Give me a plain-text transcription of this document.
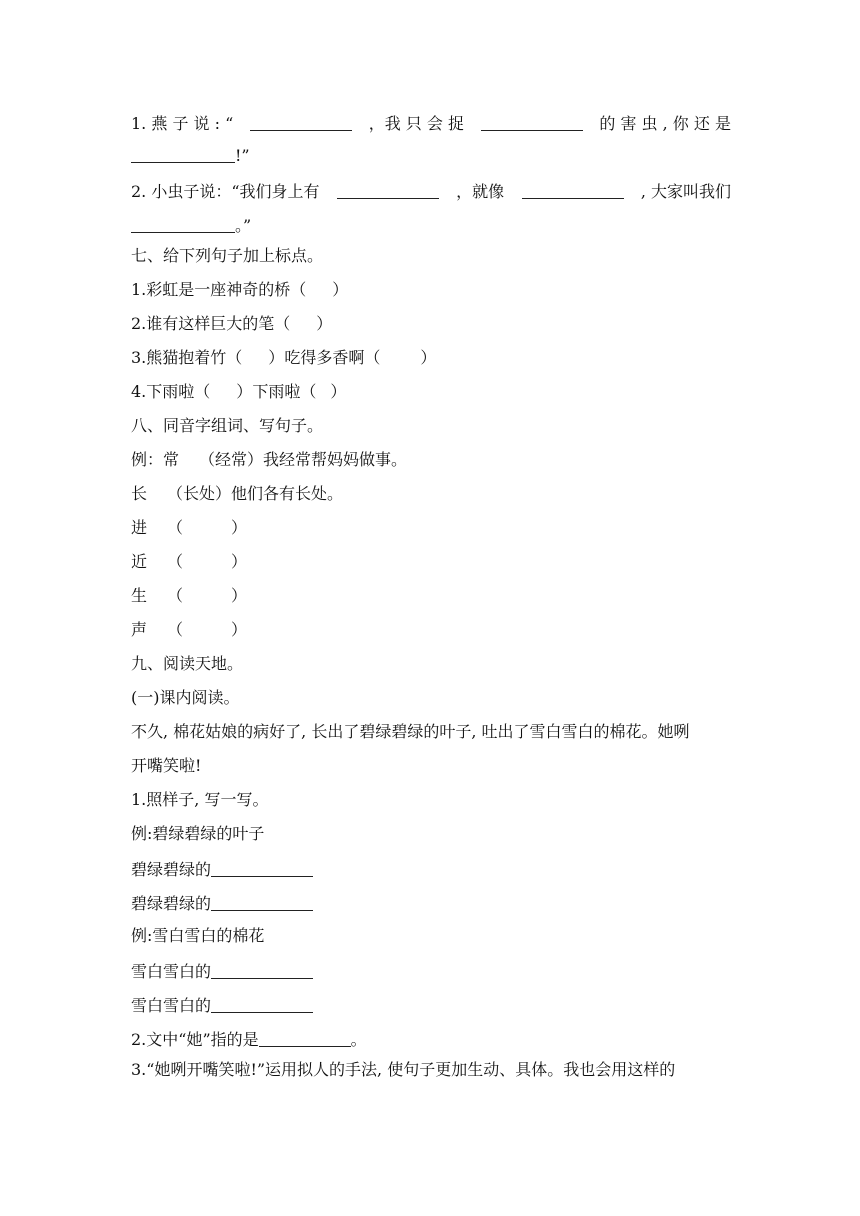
1. 燕 子 说 : “	，我 只 会 捉	的 害 虫 , 你 还 是
!”
2. 小虫子说：“我们身上有	，就像	, 大家叫我们
。”
七、给下列句子加上标点。
1.彩虹是一座神奇的桥（ ）
2.谁有这样巨大的笔（ ）
3.熊猫抱着竹（ ）吃得多香啊（	）
4.下雨啦（ ）下雨啦（ ）
八、同音字组词、写句子。
例：常 （经常）我经常帮妈妈做事。
长 （长处）他们各有长处。
进 （	）
近 （	）
生 （	）
声 （	）
九、阅读天地。
(一)课内阅读。
不久, 棉花姑娘的病好了, 长出了碧绿碧绿的叶子, 吐出了雪白雪白的棉花。她咧
开嘴笑啦!
1.照样子, 写一写。
例:碧绿碧绿的叶子
碧绿碧绿的
碧绿碧绿的
例:雪白雪白的棉花
雪白雪白的
雪白雪白的
2.文中“她”指的是	。
3.“她咧开嘴笑啦!”运用拟人的手法, 使句子更加生动、具体。我也会用这样的
